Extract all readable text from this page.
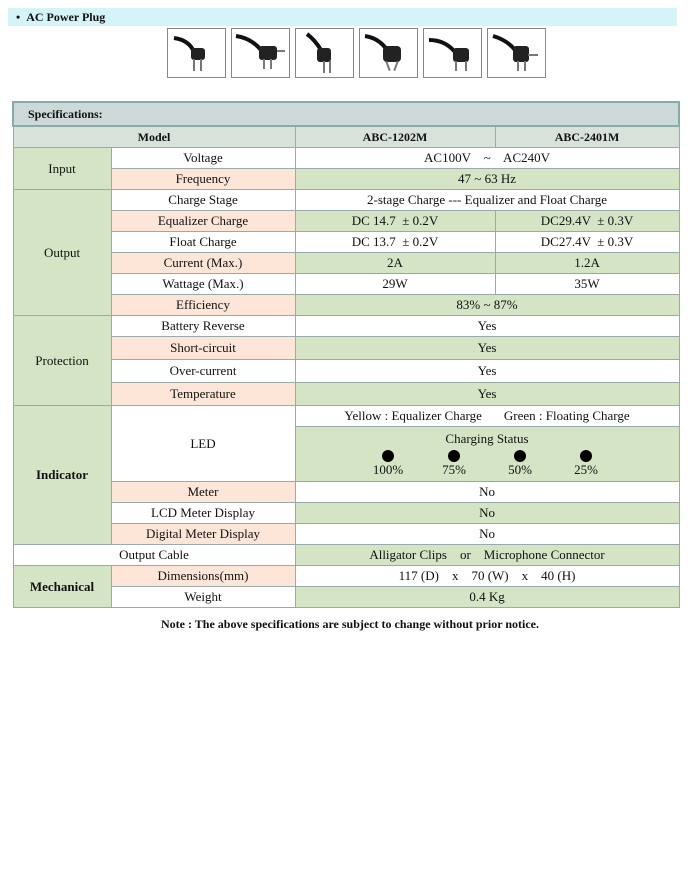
• AC Power Plug
Specifications:			
Model		ABC-1202M	ABC-2401M
Input	Voltage	AC100V    ~    AC240V	
	Frequency	47 ~ 63 Hz	
Output	Charge Stage	2-stage Charge --- Equalizer and Float Charge	
	Equalizer Charge	DC 14.7  ± 0.2V	DC29.4V  ± 0.3V
	Float Charge	DC 13.7  ± 0.2V	DC27.4V  ± 0.3V
	Current (Max.)	2A	1.2A
	Wattage (Max.)	29W	35W
	Efficiency	83% ~ 87%	
Protection	Battery Reverse	Yes	
	Short-circuit	Yes	
	Over-current	Yes	
	Temperature	Yes	
Indicator	LED	Yellow : Equalizer Charge Green : Floating Charge	

		Charging Status
100% 75% 50% 25%	

	Meter	No	
	LCD Meter Display	No	
	Digital Meter Display	No	
Output Cable		Alligator Clips    or    Microphone Connector	
Mechanical	Dimensions(mm)	117 (D)    x    70 (W)    x    40 (H)	
	Weight	0.4 Kg	
Note : The above specifications are subject to change without prior notice.
